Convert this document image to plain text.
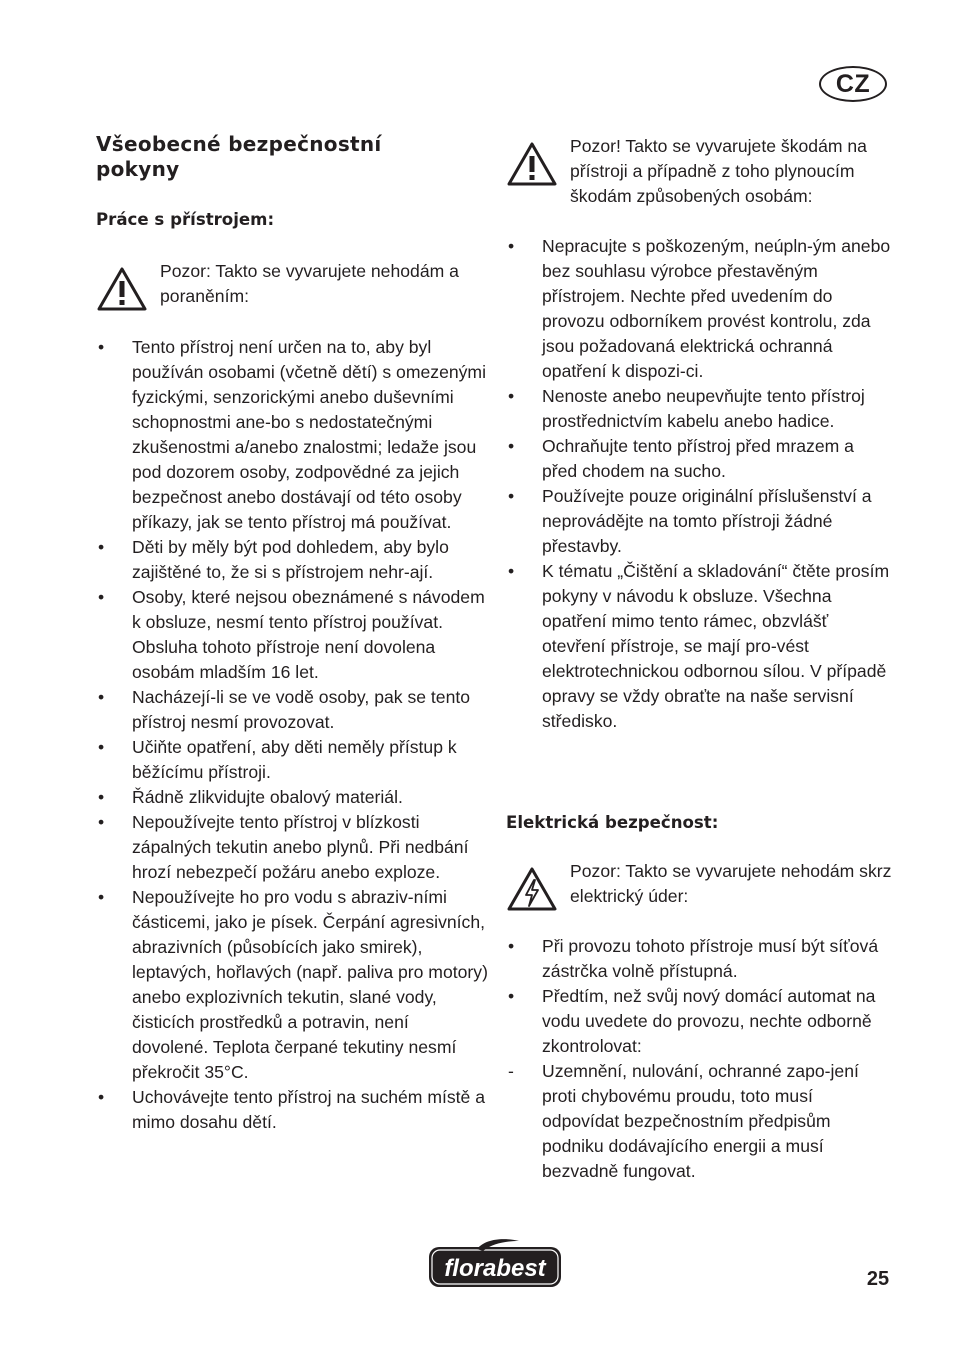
CZ
Všeobecné bezpečnostní
pokyny
Práce s přístrojem:
Pozor: Takto se vyvarujete nehodám a poraněním:
• Tento přístroj není určen na to, aby byl používán osobami (včetně dětí) s omezenými fyzickými, senzorickými anebo duševními schopnostmi ane-bo s nedostatečnými zkušenostmi a/anebo znalostmi; ledaže jsou pod dozorem osoby, zodpovědné za jejich bezpečnost anebo dostávají od této osoby příkazy, jak se tento přístroj má používat.
• Děti by měly být pod dohledem, aby bylo zajištěné to, že si s přístrojem nehr-ají.
• Osoby, které nejsou obeznámené s návodem k obsluze, nesmí tento přístroj používat. Obsluha tohoto přístroje není dovolena osobám mladším 16 let.
• Nacházejí-li se ve vodě osoby, pak se tento přístroj nesmí provozovat.
• Učiňte opatření, aby děti neměly přístup k běžícímu přístroji.
• Řádně zlikvidujte obalový materiál.
• Nepoužívejte tento přístroj v blízkosti zápalných tekutin anebo plynů. Při nedbání hrozí nebezpečí požáru anebo exploze.
• Nepoužívejte ho pro vodu s abraziv-ními částicemi, jako je písek. Čerpání agresivních, abrazivních (působících jako smirek), leptavých, hořlavých (např. paliva pro motory) anebo explozivních tekutin, slané vody, čisticích prostředků a potravin, není dovolené. Teplota čerpané tekutiny nesmí překročit 35°C.
• Uchovávejte tento přístroj na suchém místě a mimo dosahu dětí.
Pozor! Takto se vyvarujete škodám na přístroji a případně z toho plynoucím škodám způsobených osobám:
• Nepracujte s poškozeným, neúpln-ým anebo bez souhlasu výrobce přestavěným přístrojem. Nechte před uvedením do provozu odborníkem provést kontrolu, zda jsou požadovaná elektrická ochranná opatření k dispozi-ci.
• Nenoste anebo neupevňujte tento přístroj prostřednictvím kabelu anebo hadice.
• Ochraňujte tento přístroj před mrazem a před chodem na sucho.
• Používejte pouze originální příslušenství a neprovádějte na tomto přístroji žádné přestavby.
• K tématu „Čištění a skladování“ čtěte prosím pokyny v návodu k obsluze. Všechna opatření mimo tento rámec, obzvlášť otevření přístroje, se mají pro-vést elektrotechnickou odbornou sílou. V případě opravy se vždy obraťte na naše servisní středisko.
Elektrická bezpečnost:
Pozor: Takto se vyvarujete nehodám skrz elektrický úder:
• Při provozu tohoto přístroje musí být síťová zástrčka volně přístupná.
• Předtím, než svůj nový domácí automat na vodu uvedete do provozu, nechte odborně zkontrolovat:
- Uzemnění, nulování, ochranné zapo-jení proti chybovému proudu, toto musí odpovídat bezpečnostním předpisům podniku dodávajícího energii a musí bezvadně fungovat.
florabest	25
